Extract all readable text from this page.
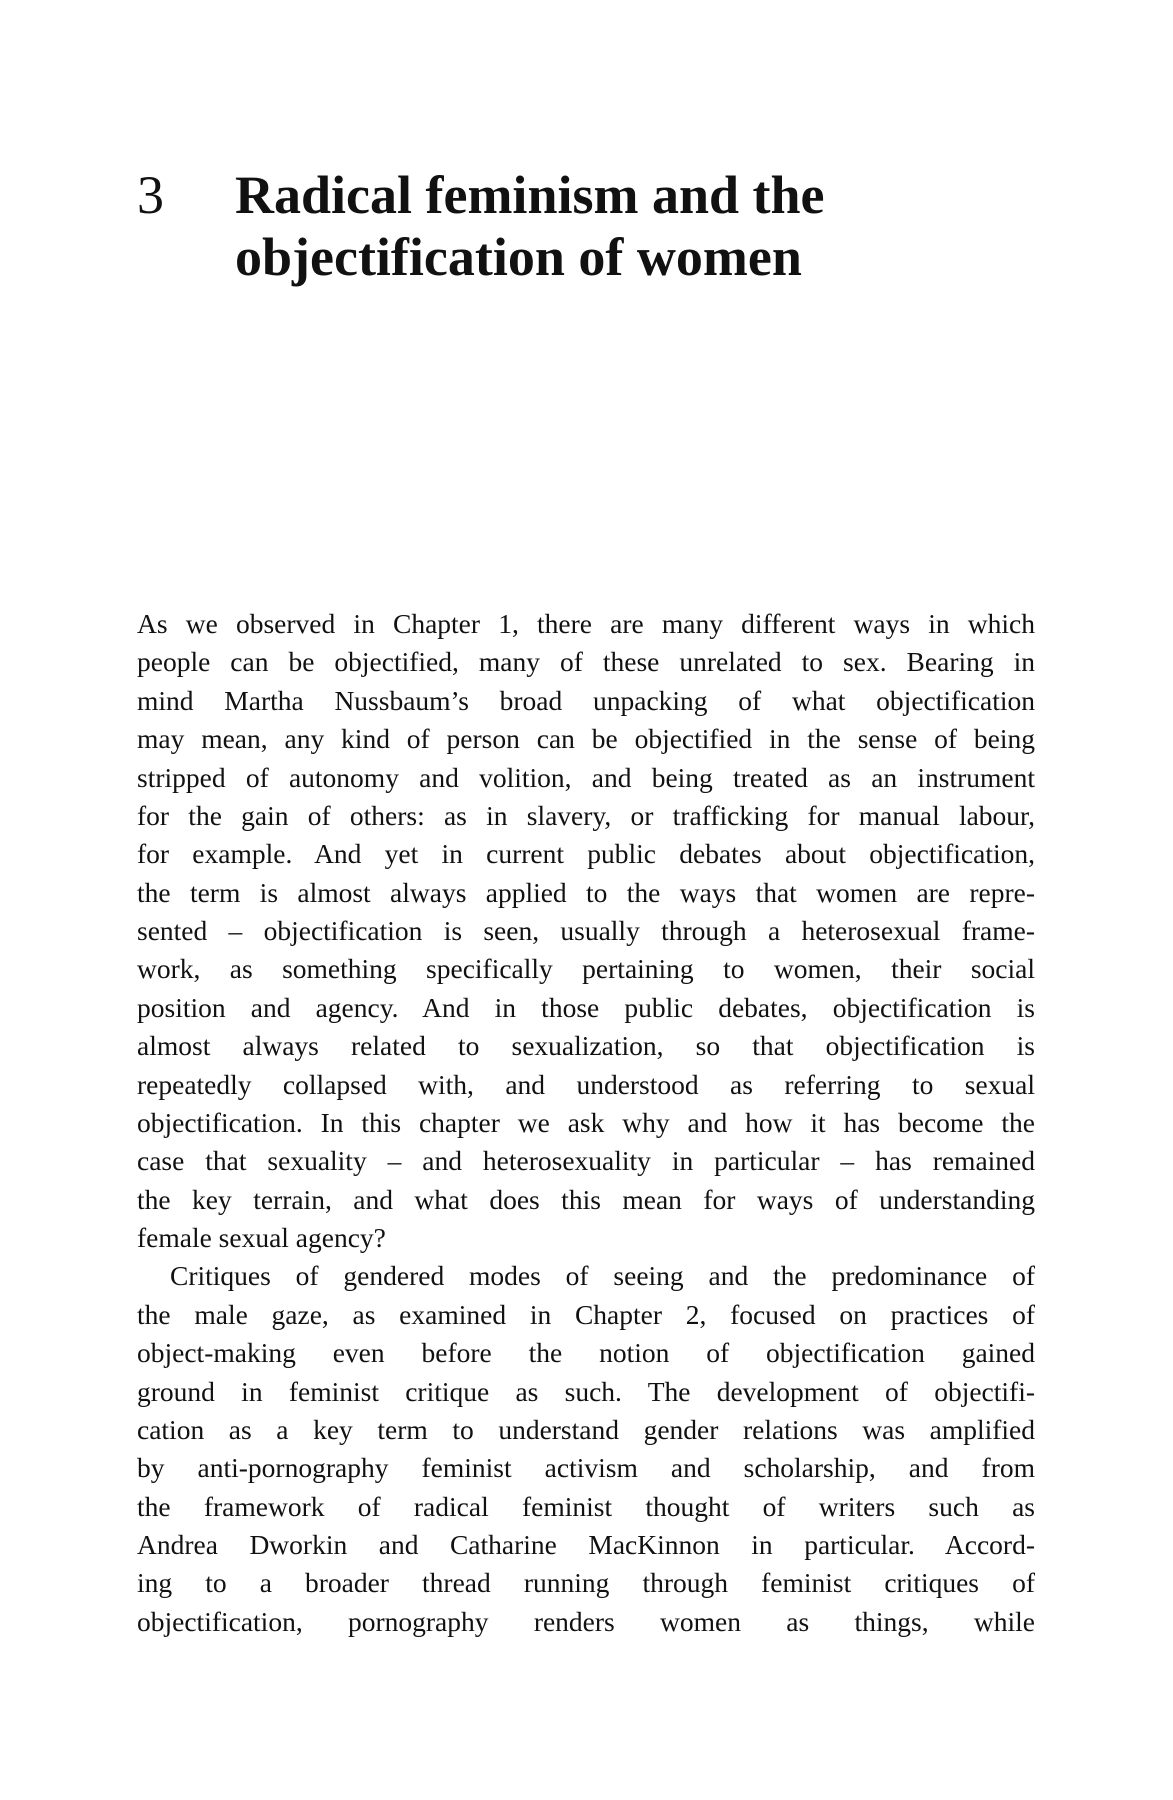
3 Radical feminism and the
objectification of women

As we observed in Chapter 1, there are many different ways in which
people can be objectified, many of these unrelated to sex. Bearing in
mind Martha Nussbaum’s broad unpacking of what objectification
may mean, any kind of person can be objectified in the sense of being
stripped of autonomy and volition, and being treated as an instrument
for the gain of others: as in slavery, or trafficking for manual labour,
for example. And yet in current public debates about objectification,
the term is almost always applied to the ways that women are repre-
sented – objectification is seen, usually through a heterosexual frame-
work, as something specifically pertaining to women, their social
position and agency. And in those public debates, objectification is
almost always related to sexualization, so that objectification is
repeatedly collapsed with, and understood as referring to sexual
objectification. In this chapter we ask why and how it has become the
case that sexuality – and heterosexuality in particular – has remained
the key terrain, and what does this mean for ways of understanding
female sexual agency?

Critiques of gendered modes of seeing and the predominance of
the male gaze, as examined in Chapter 2, focused on practices of
object-making even before the notion of objectification gained
ground in feminist critique as such. The development of objectifi-
cation as a key term to understand gender relations was amplified
by anti-pornography feminist activism and scholarship, and from
the framework of radical feminist thought of writers such as
Andrea Dworkin and Catharine MacKinnon in particular. Accord-
ing to a broader thread running through feminist critiques of
objectification, pornography renders women as things, while
